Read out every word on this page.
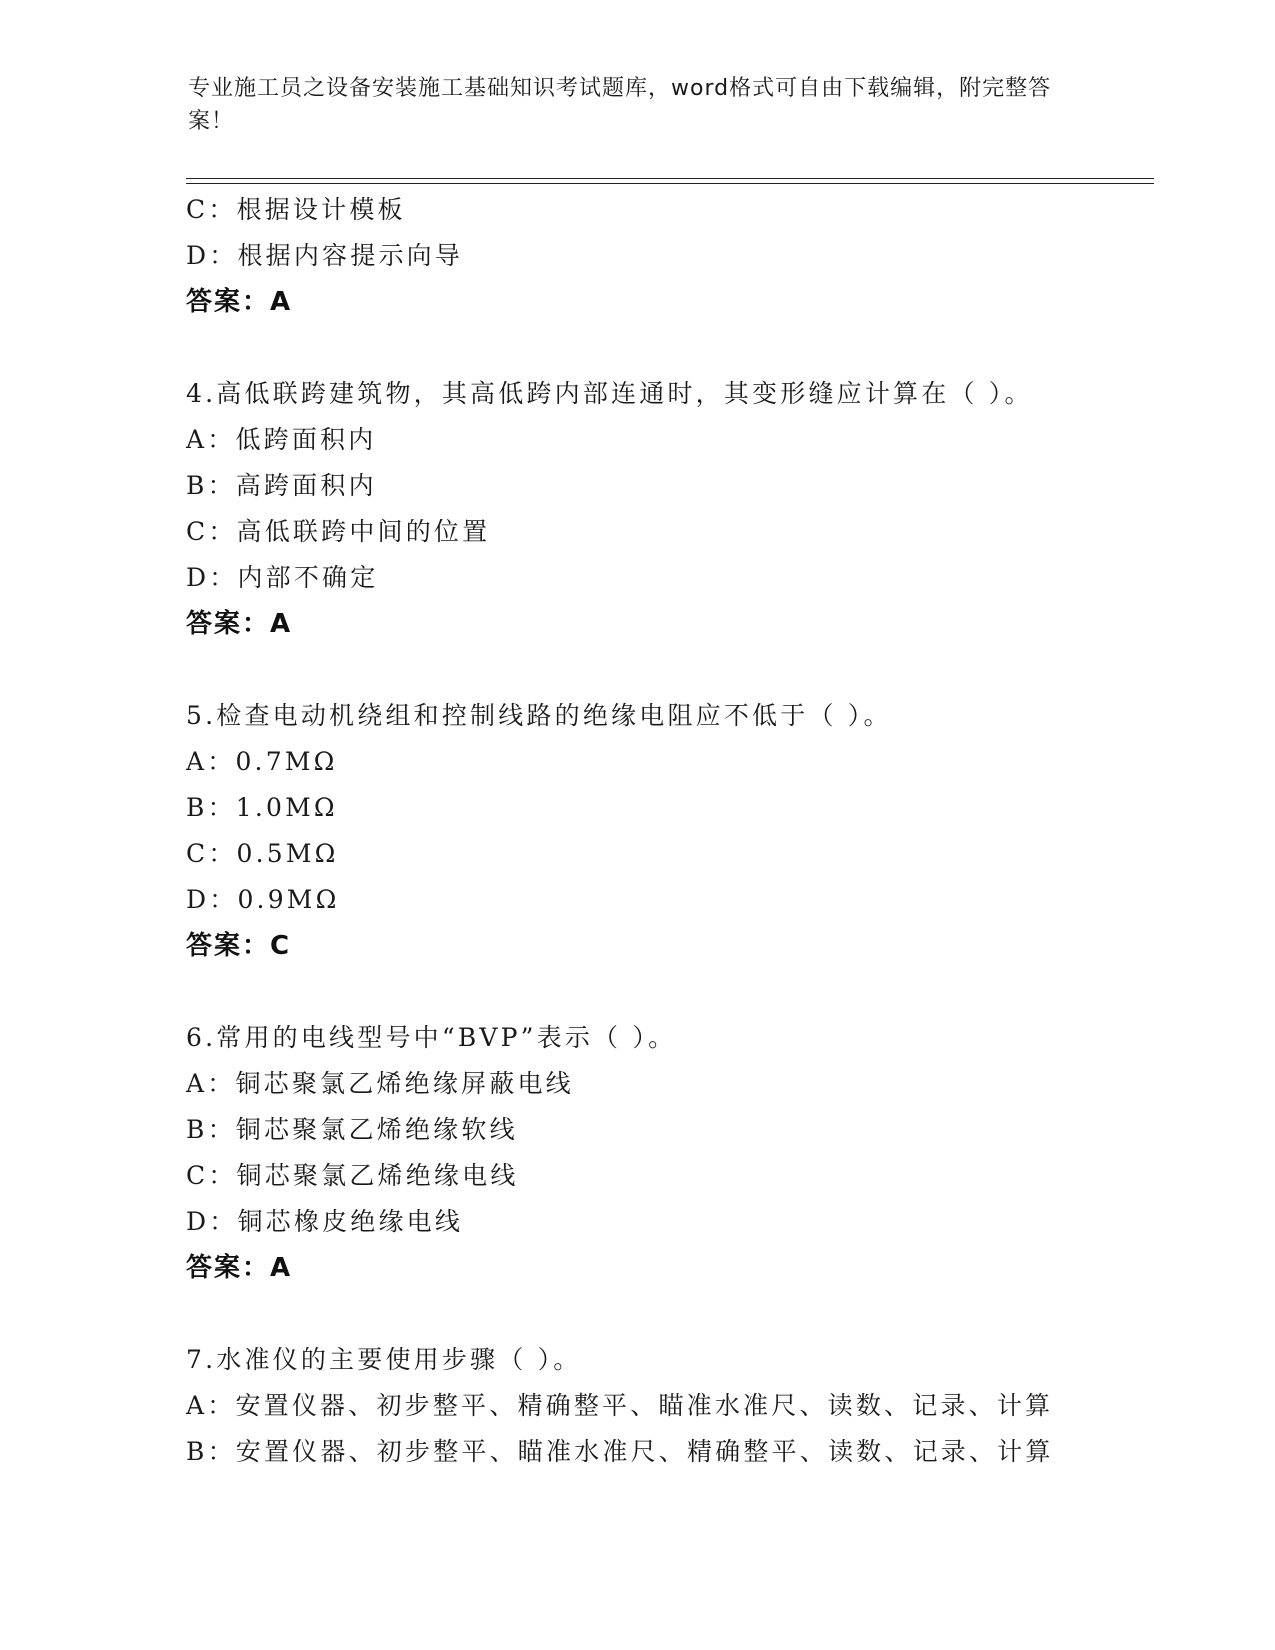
专业施工员之设备安装施工基础知识考试题库，word格式可自由下载编辑，附完整答案！
C：根据设计模板
D：根据内容提示向导
答案：A
4.高低联跨建筑物，其高低跨内部连通时，其变形缝应计算在（ ）。
A：低跨面积内
B：高跨面积内
C：高低联跨中间的位置
D：内部不确定
答案：A
5.检查电动机绕组和控制线路的绝缘电阻应不低于（ ）。
A：0.7MΩ
B：1.0MΩ
C：0.5MΩ
D：0.9MΩ
答案：C
6.常用的电线型号中“BVP”表示（ ）。
A：铜芯聚氯乙烯绝缘屏蔽电线
B：铜芯聚氯乙烯绝缘软线
C：铜芯聚氯乙烯绝缘电线
D：铜芯橡皮绝缘电线
答案：A
7.水准仪的主要使用步骤（ ）。
A：安置仪器、初步整平、精确整平、瞄准水准尺、读数、记录、计算
B：安置仪器、初步整平、瞄准水准尺、精确整平、读数、记录、计算
